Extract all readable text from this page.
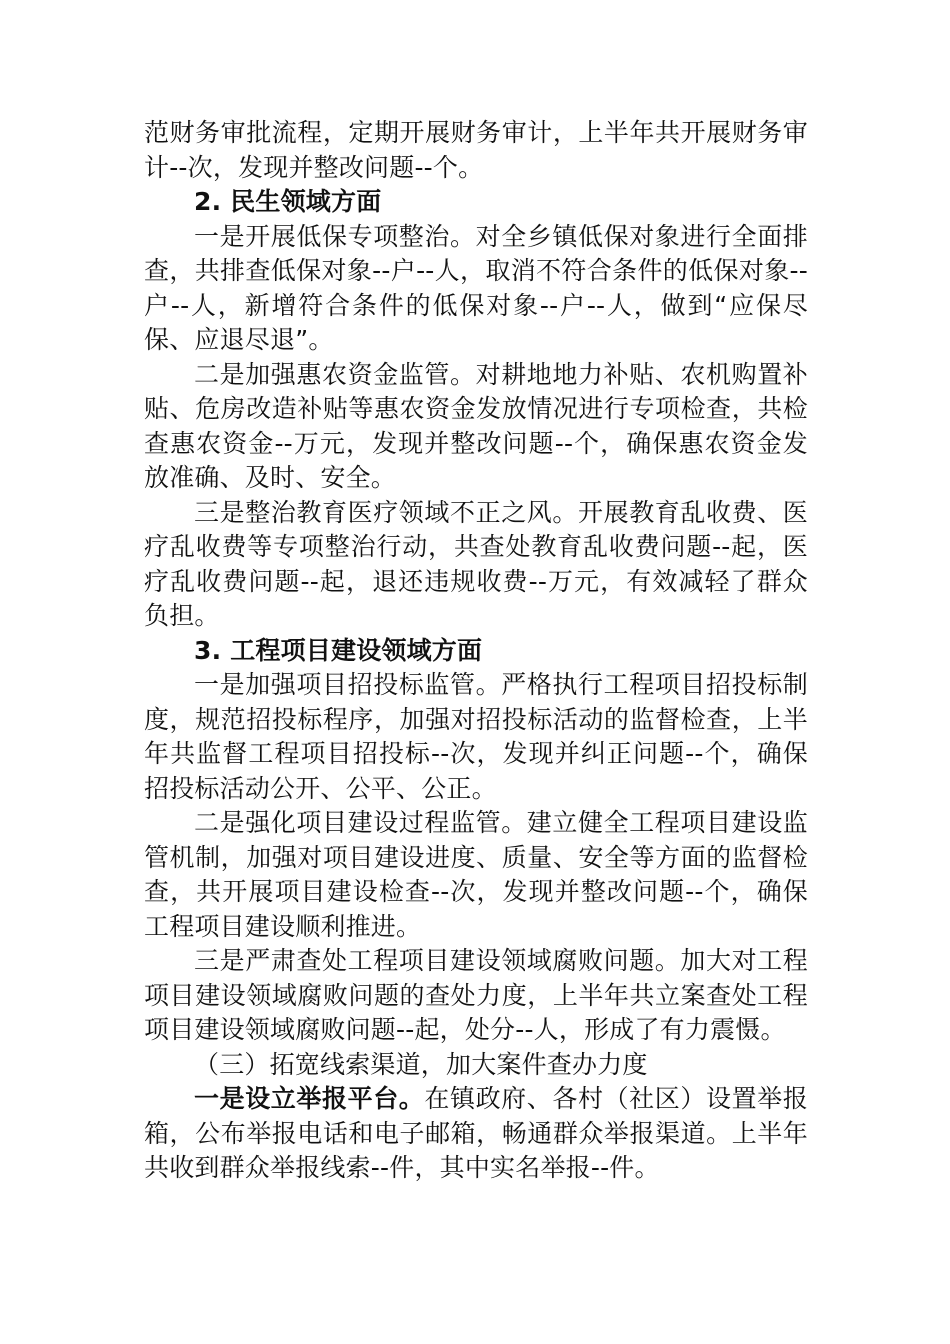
范财务审批流程，定期开展财务审计，上半年共开展财务审计--次，发现并整改问题--个。

2. 民生领域方面

一是开展低保专项整治。对全乡镇低保对象进行全面排查，共排查低保对象--户--人，取消不符合条件的低保对象--户--人，新增符合条件的低保对象--户--人，做到“应保尽保、应退尽退”。

二是加强惠农资金监管。对耕地地力补贴、农机购置补贴、危房改造补贴等惠农资金发放情况进行专项检查，共检查惠农资金--万元，发现并整改问题--个，确保惠农资金发放准确、及时、安全。

三是整治教育医疗领域不正之风。开展教育乱收费、医疗乱收费等专项整治行动，共查处教育乱收费问题--起，医疗乱收费问题--起，退还违规收费--万元，有效减轻了群众负担。

3. 工程项目建设领域方面

一是加强项目招投标监管。严格执行工程项目招投标制度，规范招投标程序，加强对招投标活动的监督检查，上半年共监督工程项目招投标--次，发现并纠正问题--个，确保招投标活动公开、公平、公正。

二是强化项目建设过程监管。建立健全工程项目建设监管机制，加强对项目建设进度、质量、安全等方面的监督检查，共开展项目建设检查--次，发现并整改问题--个，确保工程项目建设顺利推进。

三是严肃查处工程项目建设领域腐败问题。加大对工程项目建设领域腐败问题的查处力度，上半年共立案查处工程项目建设领域腐败问题--起，处分--人，形成了有力震慑。

（三）拓宽线索渠道，加大案件查办力度

一是设立举报平台。在镇政府、各村（社区）设置举报箱，公布举报电话和电子邮箱，畅通群众举报渠道。上半年共收到群众举报线索--件，其中实名举报--件。
